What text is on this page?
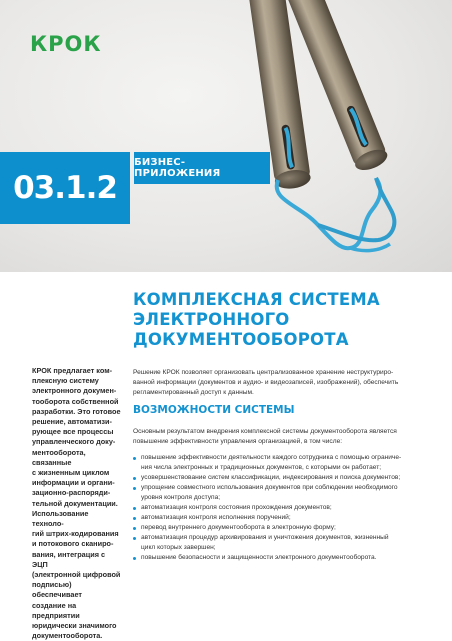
КРОК
03.1.2
БИЗНЕС-ПРИЛОЖЕНИЯ
КОМПЛЕКСНАЯ СИСТЕМА
ЭЛЕКТРОННОГО
ДОКУМЕНТООБОРОТА

КРОК предлагает ком-
плексную систему
электронного докумен-
тооборота собственной
разработки. Это готовое
решение, автоматизи-
рующее все процессы
управленческого доку-
ментооборота, связанные
с жизненным циклом
информации и органи-
зационно-распоряди-
тельной документации.
Использование техноло-
гий штрих-кодирования
и потокового сканиро-
вания, интеграция с ЭЦП
(электронной цифровой
подписью) обеспечивает
создание на предприятии
юридически значимого
документооборота.

Решение КРОК позволяет организовать централизованное хранение неструктуриро-
ванной информации (документов и аудио- и видеозаписей, изображений), обеспечить
регламентированный доступ к данным.

ВОЗМОЖНОСТИ СИСТЕМЫ

Основным результатом внедрения комплексной системы документооборота является
повышение эффективности управления организацией, в том числе:

повышение эффективности деятельности каждого сотрудника с помощью ограниче-
ния числа электронных и традиционных документов, с которыми он работает;
усовершенствование систем классификации, индексирования и поиска документов;
упрощение совместного использования документов при соблюдении необходимого
уровня контроля доступа;
автоматизация контроля состояния прохождения документов;
автоматизация контроля исполнения поручений;
перевод внутреннего документооборота в электронную форму;
автоматизация процедур архивирования и уничтожения документов, жизненный
цикл которых завершен;
повышение безопасности и защищенности электронного документооборота.
